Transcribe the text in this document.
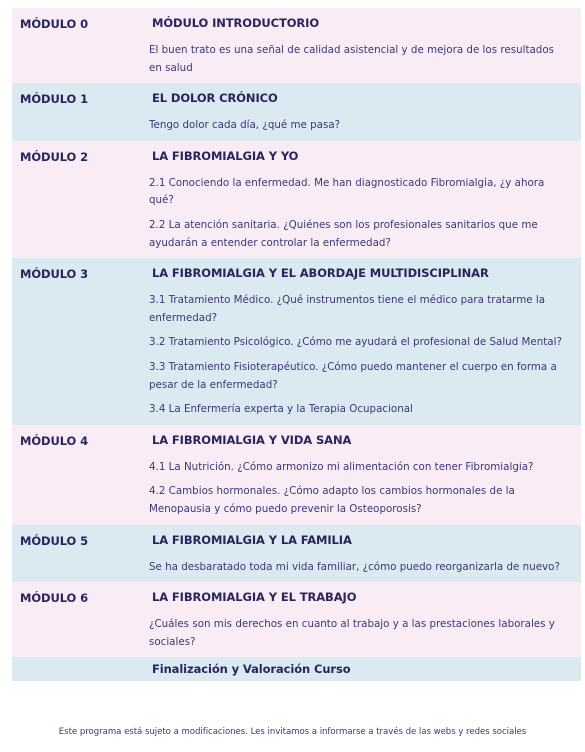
MÓDULO 0	MÓDULO INTRODUCTORIO
El buen trato es una señal de calidad asistencial y de mejora de los resultados en salud
MÓDULO 1	EL DOLOR CRÓNICO
Tengo dolor cada día, ¿qué me pasa?
MÓDULO 2	LA FIBROMIALGIA Y YO
2.1 Conociendo la enfermedad. Me han diagnosticado Fibromialgia, ¿y ahora qué?
2.2 La atención sanitaria. ¿Quiénes son los profesionales sanitarios que me ayudarán a entender controlar la enfermedad?
MÓDULO 3	LA FIBROMIALGIA Y EL ABORDAJE MULTIDISCIPLINAR
3.1 Tratamiento Médico. ¿Qué instrumentos tiene el médico para tratarme la enfermedad?
3.2 Tratamiento Psicológico. ¿Cómo me ayudará el profesional de Salud Mental?
3.3 Tratamiento Fisioterapéutico. ¿Cómo puedo mantener el cuerpo en forma a pesar de la enfermedad?
3.4 La Enfermería experta y la Terapia Ocupacional
MÓDULO 4	LA FIBROMIALGIA Y VIDA SANA
4.1 La Nutrición. ¿Cómo armonizo mi alimentación con tener Fibromialgia?
4.2 Cambios hormonales. ¿Cómo adapto los cambios hormonales de la Menopausia y cómo puedo prevenir la Osteoporosis?
MÓDULO 5	LA FIBROMIALGIA Y LA FAMILIA
Se ha desbaratado toda mi vida familiar, ¿cómo puedo reorganizarla de nuevo?
MÓDULO 6	LA FIBROMIALGIA Y EL TRABAJO
¿Cuáles son mis derechos en cuanto al trabajo y a las prestaciones laborales y sociales?
Finalización y Valoración Curso
Este programa está sujeto a modificaciones. Les invitamos a informarse a través de las webs y redes sociales
